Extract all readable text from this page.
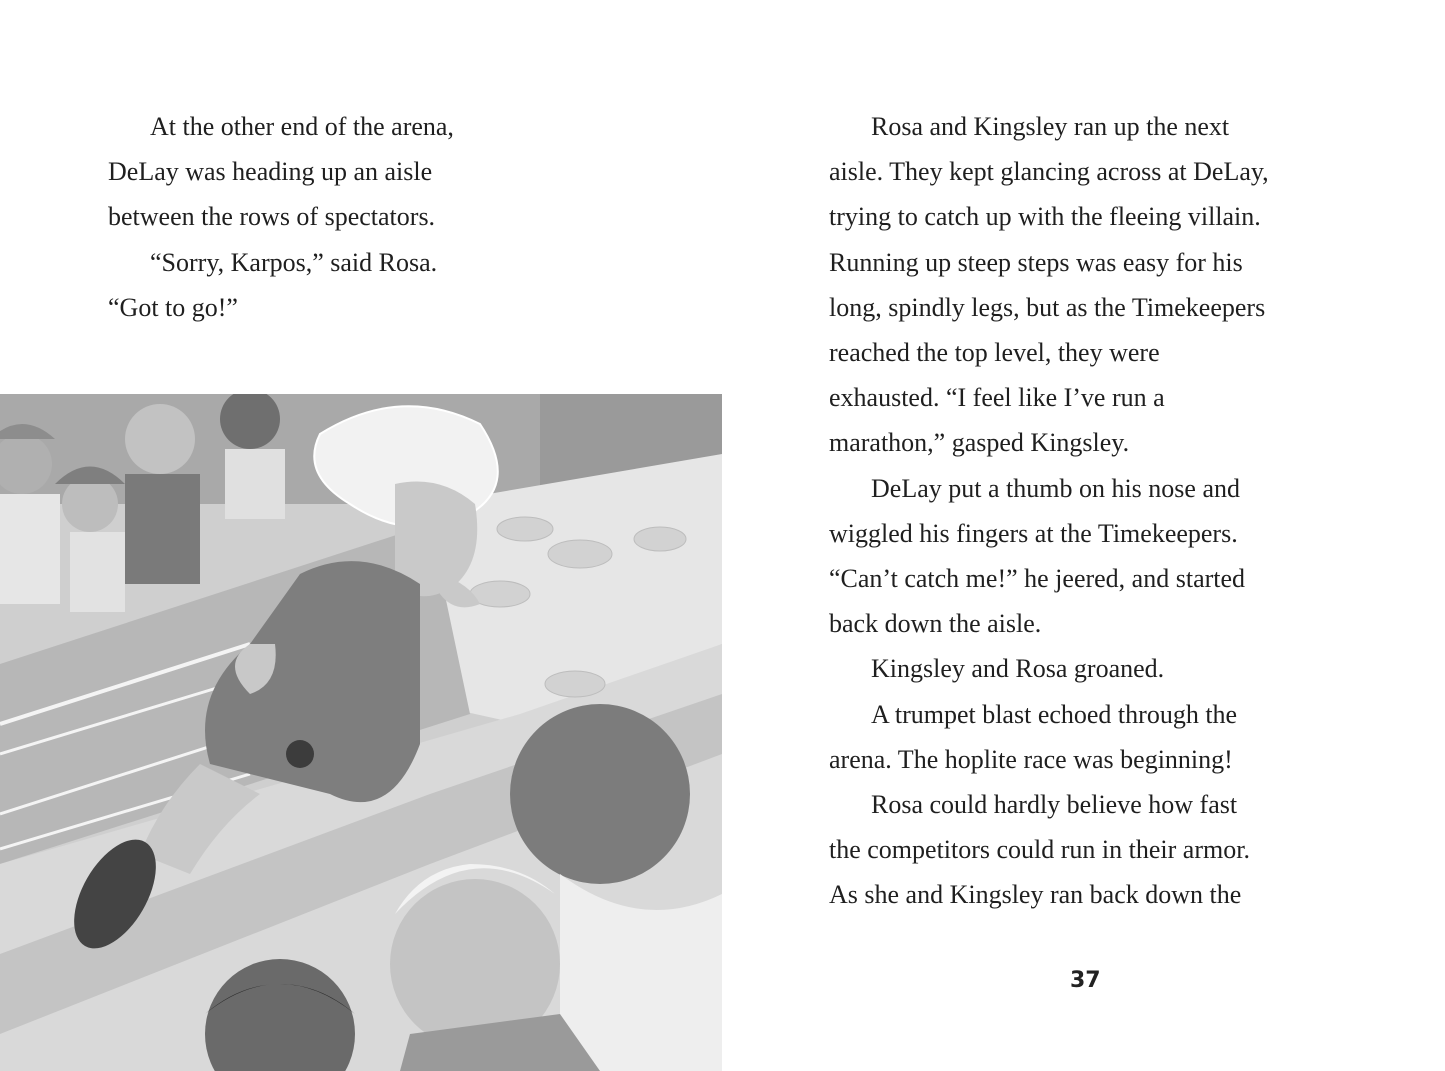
At the other end of the arena,

DeLay was heading up an aisle

between the rows of spectators.

“Sorry, Karpos,” said Rosa.

“Got to go!”

Rosa and Kingsley ran up the next

aisle. They kept glancing across at DeLay,

trying to catch up with the fleeing villain.

Running up steep steps was easy for his

long, spindly legs, but as the Timekeepers

reached the top level, they were

exhausted. “I feel like I’ve run a

marathon,” gasped Kingsley.

DeLay put a thumb on his nose and

wiggled his fingers at the Timekeepers.

“Can’t catch me!” he jeered, and started

back down the aisle.

Kingsley and Rosa groaned.

A trumpet blast echoed through the

arena. The hoplite race was beginning!

Rosa could hardly believe how fast

the competitors could run in their armor.

As she and Kingsley ran back down the

37
